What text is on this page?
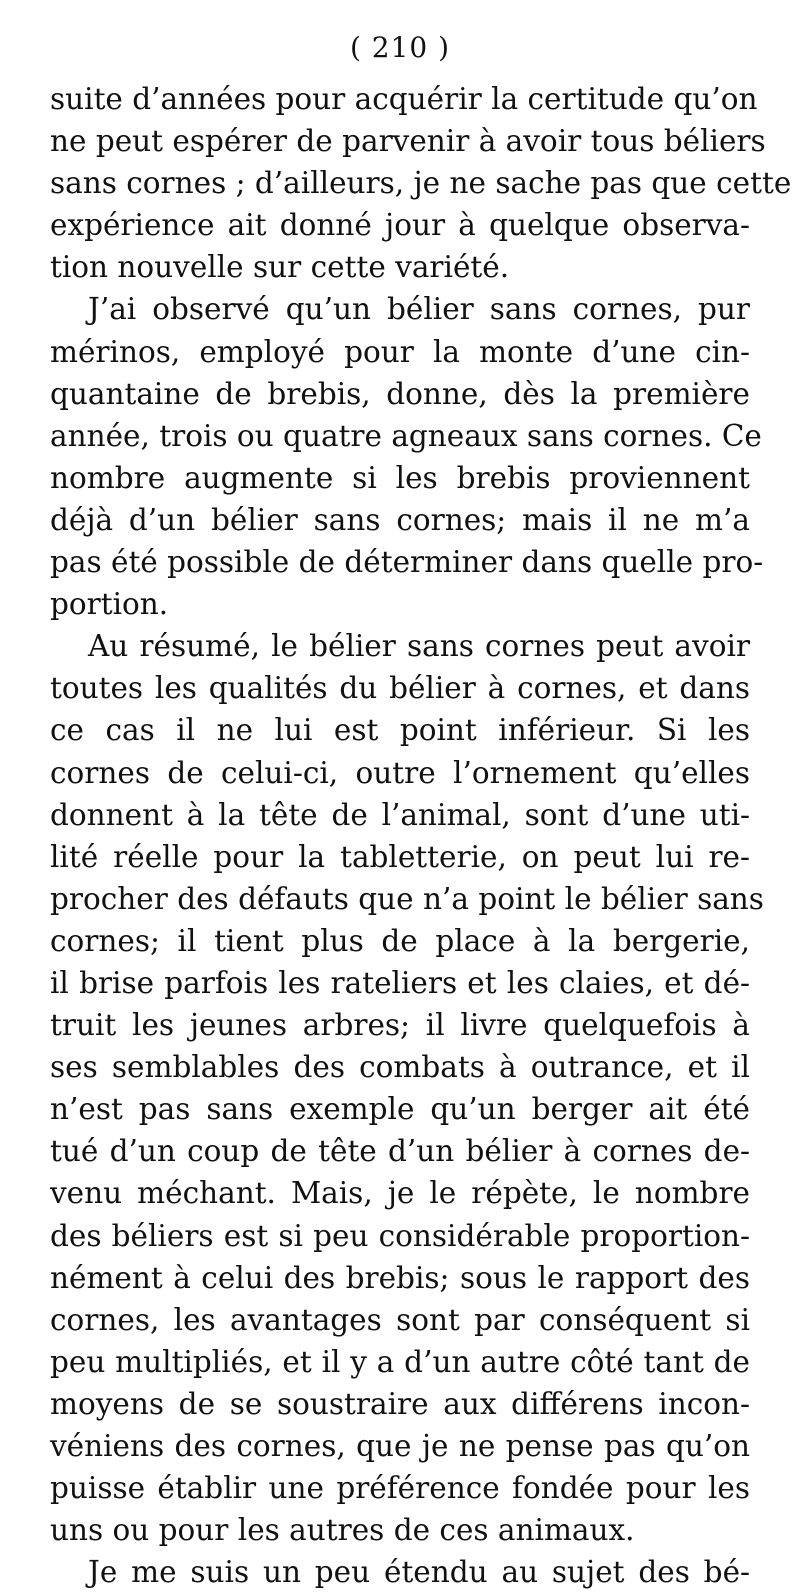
( 210 )
suite d’années pour acquérir la certitude qu’on
ne peut espérer de parvenir à avoir tous béliers
sans cornes ; d’ailleurs, je ne sache pas que cette
expérience ait donné jour à quelque observa-
tion nouvelle sur cette variété.
J’ai observé qu’un bélier sans cornes, pur
mérinos, employé pour la monte d’une cin-
quantaine de brebis, donne, dès la première
année, trois ou quatre agneaux sans cornes. Ce
nombre augmente si les brebis proviennent
déjà d’un bélier sans cornes; mais il ne m’a
pas été possible de déterminer dans quelle pro-
portion.
Au résumé, le bélier sans cornes peut avoir
toutes les qualités du bélier à cornes, et dans
ce cas il ne lui est point inférieur. Si les
cornes de celui-ci, outre l’ornement qu’elles
donnent à la tête de l’animal, sont d’une uti-
lité réelle pour la tabletterie, on peut lui re-
procher des défauts que n’a point le bélier sans
cornes; il tient plus de place à la bergerie,
il brise parfois les rateliers et les claies, et dé-
truit les jeunes arbres; il livre quelquefois à
ses semblables des combats à outrance, et il
n’est pas sans exemple qu’un berger ait été
tué d’un coup de tête d’un bélier à cornes de-
venu méchant. Mais, je le répète, le nombre
des béliers est si peu considérable proportion-
nément à celui des brebis; sous le rapport des
cornes, les avantages sont par conséquent si
peu multipliés, et il y a d’un autre côté tant de
moyens de se soustraire aux différens incon-
véniens des cornes, que je ne pense pas qu’on
puisse établir une préférence fondée pour les
uns ou pour les autres de ces animaux.
Je me suis un peu étendu au sujet des bé-
